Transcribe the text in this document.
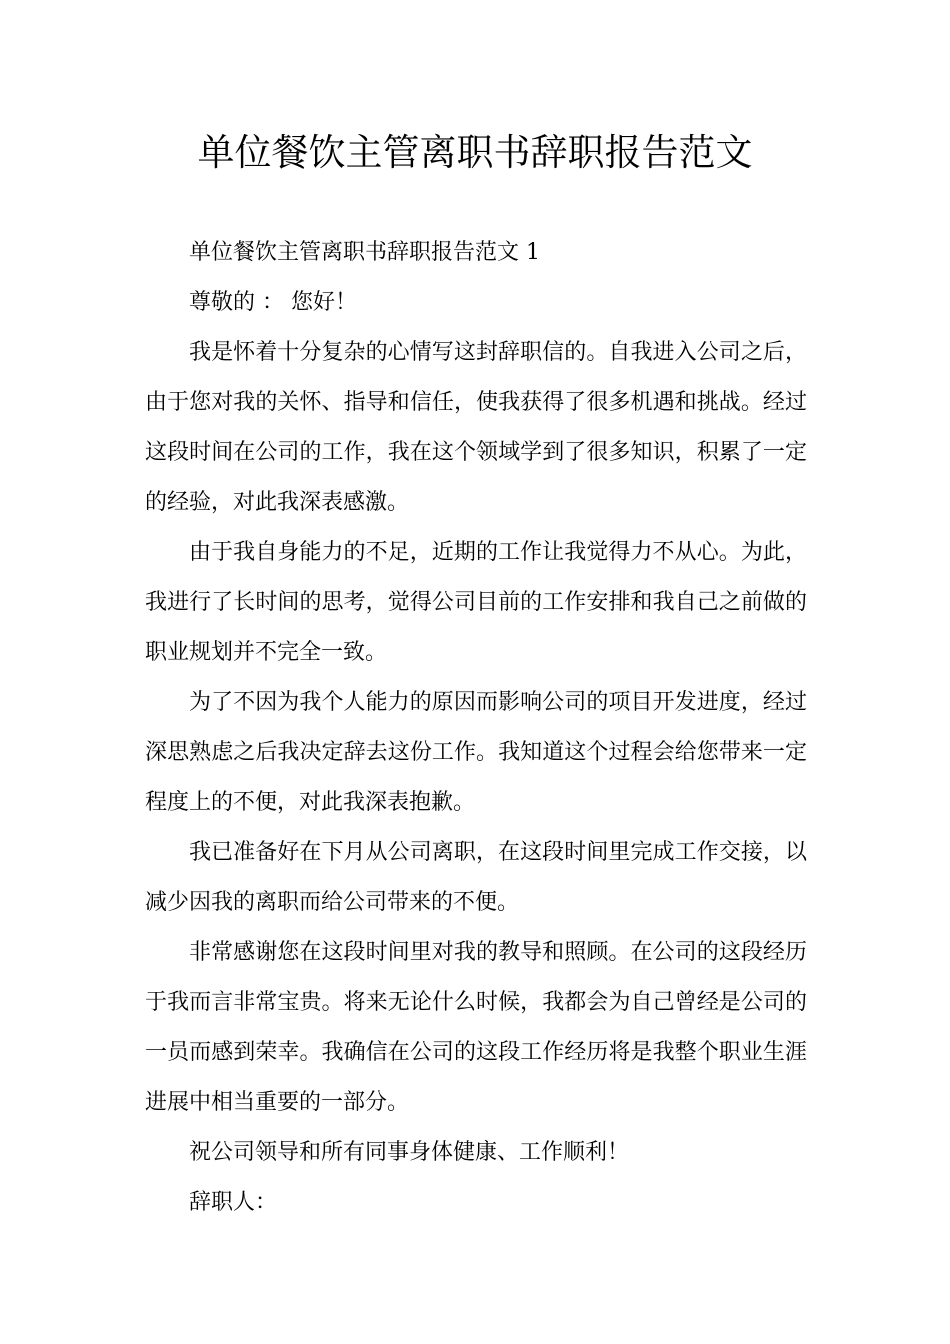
单位餐饮主管离职书辞职报告范文

单位餐饮主管离职书辞职报告范文 1

尊敬的 ： 您好！

我是怀着十分复杂的心情写这封辞职信的。自我进入公司之后，由于您对我的关怀、指导和信任，使我获得了很多机遇和挑战。经过这段时间在公司的工作，我在这个领域学到了很多知识，积累了一定的经验，对此我深表感激。

由于我自身能力的不足，近期的工作让我觉得力不从心。为此，我进行了长时间的思考，觉得公司目前的工作安排和我自己之前做的职业规划并不完全一致。

为了不因为我个人能力的原因而影响公司的项目开发进度，经过深思熟虑之后我决定辞去这份工作。我知道这个过程会给您带来一定程度上的不便，对此我深表抱歉。

我已准备好在下月从公司离职，在这段时间里完成工作交接，以减少因我的离职而给公司带来的不便。

非常感谢您在这段时间里对我的教导和照顾。在公司的这段经历于我而言非常宝贵。将来无论什么时候，我都会为自己曾经是公司的一员而感到荣幸。我确信在公司的这段工作经历将是我整个职业生涯进展中相当重要的一部分。

祝公司领导和所有同事身体健康、工作顺利！

辞职人：
